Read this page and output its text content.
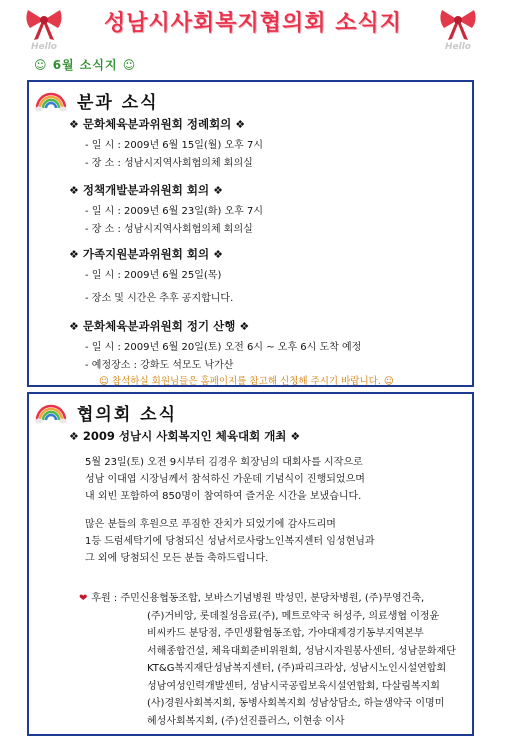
Hello
성남시사회복지협의회 소식지
Hello
☺ 6월 소식지 ☺
분과 소식
❖ 문화체육분과위원회 정례회의 ❖
- 일 시 : 2009년 6월 15일(월) 오후 7시
- 장 소 : 성남시지역사회협의체 회의실
❖ 정책개발분과위원회 회의 ❖
- 일 시 : 2009년 6월 23일(화) 오후 7시
- 장 소 : 성남시지역사회협의체 회의실
❖ 가족지원분과위원회 회의 ❖
- 일 시 : 2009년 6월 25일(목)
- 장소 및 시간은 추후 공지합니다.
❖ 문화체육분과위원회 정기 산행 ❖
- 일 시 : 2009년 6월 20일(토) 오전 6시 ~ 오후 6시 도착 예정
- 예정장소 : 강화도 석모도 낙가산
☺ 참석하실 회원님들은 홈페이지를 참고해 신청해 주시기 바랍니다. ☺
협의회 소식
❖ 2009 성남시 사회복지인 체육대회 개최 ❖
5월 23일(토) 오전 9시부터 김경우 회장님의 대회사를 시작으로
성남 이대엽 시장님께서 참석하신 가운데 기념식이 진행되었으며
내 외빈 포함하여 850명이 참여하여 즐거운 시간을 보냈습니다.
많은 분들의 후원으로 푸짐한 잔치가 되었기에 감사드리며
1등 드럼세탁기에 당첨되신 성남서로사랑노인복지센터 임성현님과
그 외에 당첨되신 모든 분들 축하드립니다.
❤ 후원 : 주민신용협동조합, 보바스기념병원 박성민, 분당차병원, (주)무영건축,
(주)거비앙, 롯데칠성음료(주), 메트로약국 허성주, 의료생협 이정윤
비씨카드 분당점, 주민생활협동조합, 가야대제경기동부지역본부
서해종합건설, 체육대회준비위원회, 성남시자원봉사센터, 성남문화재단
KT&G복지재단성남복지센터, (주)파리크라상, 성남시노인시설연합회
성남여성인력개발센터, 성남시국공립보육시설연합회, 다살림복지회
(사)경원사회복지회, 동병사회복지회 성남상담소, 하늘샘약국 이명미
혜성사회복지회, (주)선진플러스, 이현송 이사
